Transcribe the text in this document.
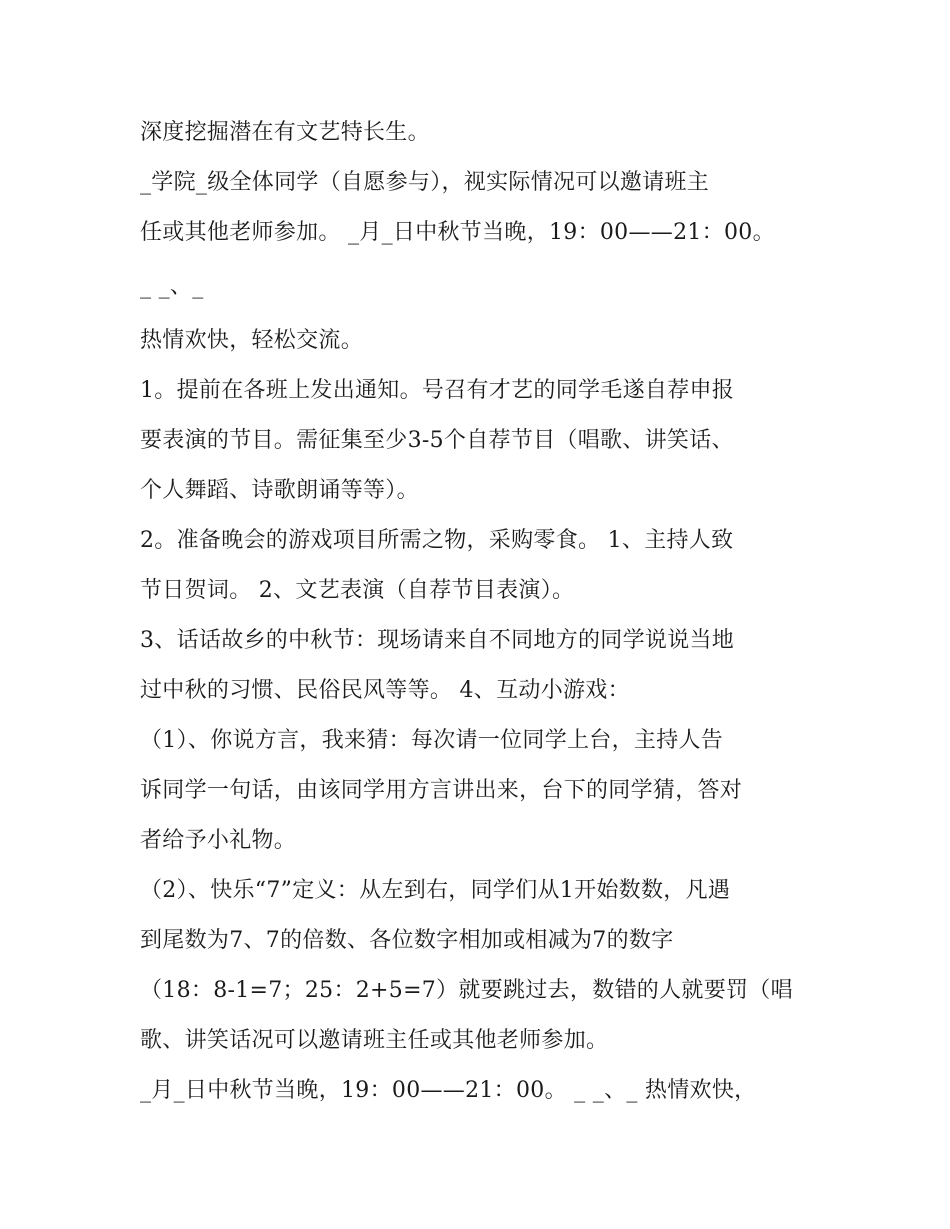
深度挖掘潜在有文艺特长生。
_学院_级全体同学（自愿参与），视实际情况可以邀请班主
任或其他老师参加。 _月_日中秋节当晚，19：00——21：00。
_ _、_
热情欢快，轻松交流。
1。提前在各班上发出通知。号召有才艺的同学毛遂自荐申报
要表演的节目。需征集至少3-5个自荐节目（唱歌、讲笑话、
个人舞蹈、诗歌朗诵等等）。
2。准备晚会的游戏项目所需之物，采购零食。 1、主持人致
节日贺词。 2、文艺表演（自荐节目表演）。
3、话话故乡的中秋节：现场请来自不同地方的同学说说当地
过中秋的习惯、民俗民风等等。 4、互动小游戏：
（1）、你说方言，我来猜：每次请一位同学上台，主持人告
诉同学一句话，由该同学用方言讲出来，台下的同学猜，答对
者给予小礼物。
（2）、快乐“7”定义：从左到右，同学们从1开始数数，凡遇
到尾数为7、7的倍数、各位数字相加或相减为7的数字
（18：8-1=7；25：2+5=7）就要跳过去，数错的人就要罚（唱
歌、讲笑话况可以邀请班主任或其他老师参加。
_月_日中秋节当晚，19：00——21：00。 _ _、_ 热情欢快，
